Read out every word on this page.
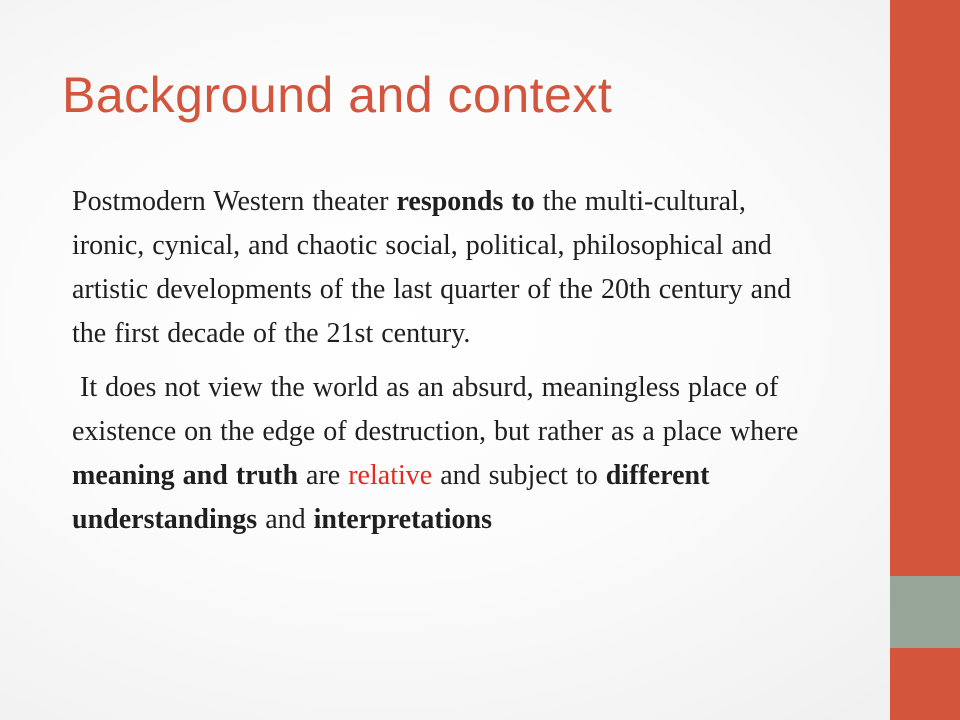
Background and context

Postmodern Western theater responds to the multi-cultural, ironic, cynical, and chaotic social, political, philosophical and artistic developments of the last quarter of the 20th century and the first decade of the 21st century.

It does not view the world as an absurd, meaningless place of existence on the edge of destruction, but rather as a place where meaning and truth are relative and subject to different understandings and interpretations
